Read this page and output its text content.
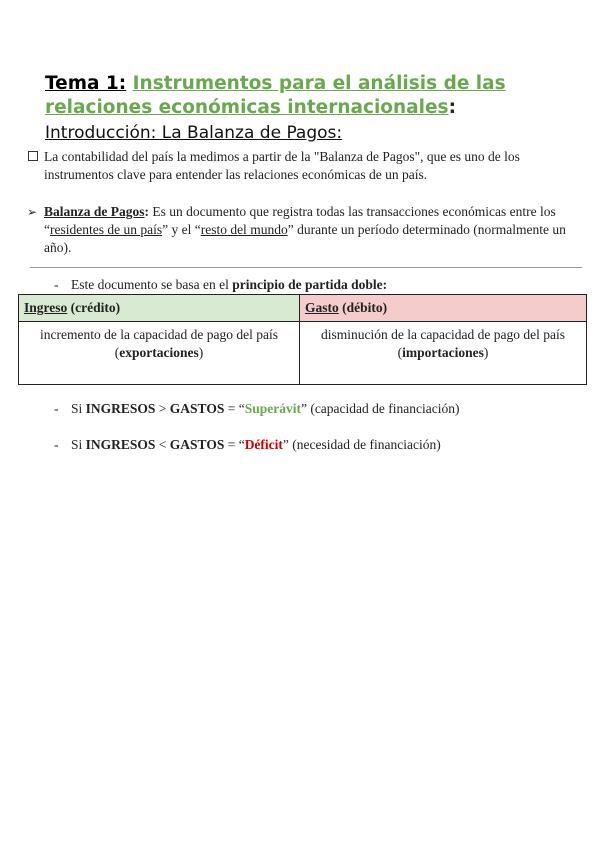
Tema 1: Instrumentos para el análisis de las relaciones económicas internacionales:
Introducción: La Balanza de Pagos:
La contabilidad del país la medimos a partir de la "Balanza de Pagos", que es uno de los instrumentos clave para entender las relaciones económicas de un país.
➢ Balanza de Pagos: Es un documento que registra todas las transacciones económicas entre los “residentes de un país” y el “resto del mundo” durante un período determinado (normalmente un año).
- Este documento se basa en el principio de partida doble:
Ingreso (crédito)	Gasto (débito)

incremento de la capacidad de pago del país (exportaciones)	disminución de la capacidad de pago del país (importaciones)
- Si INGRESOS > GASTOS = “Superávit” (capacidad de financiación)
- Si INGRESOS < GASTOS = “Déficit” (necesidad de financiación)
